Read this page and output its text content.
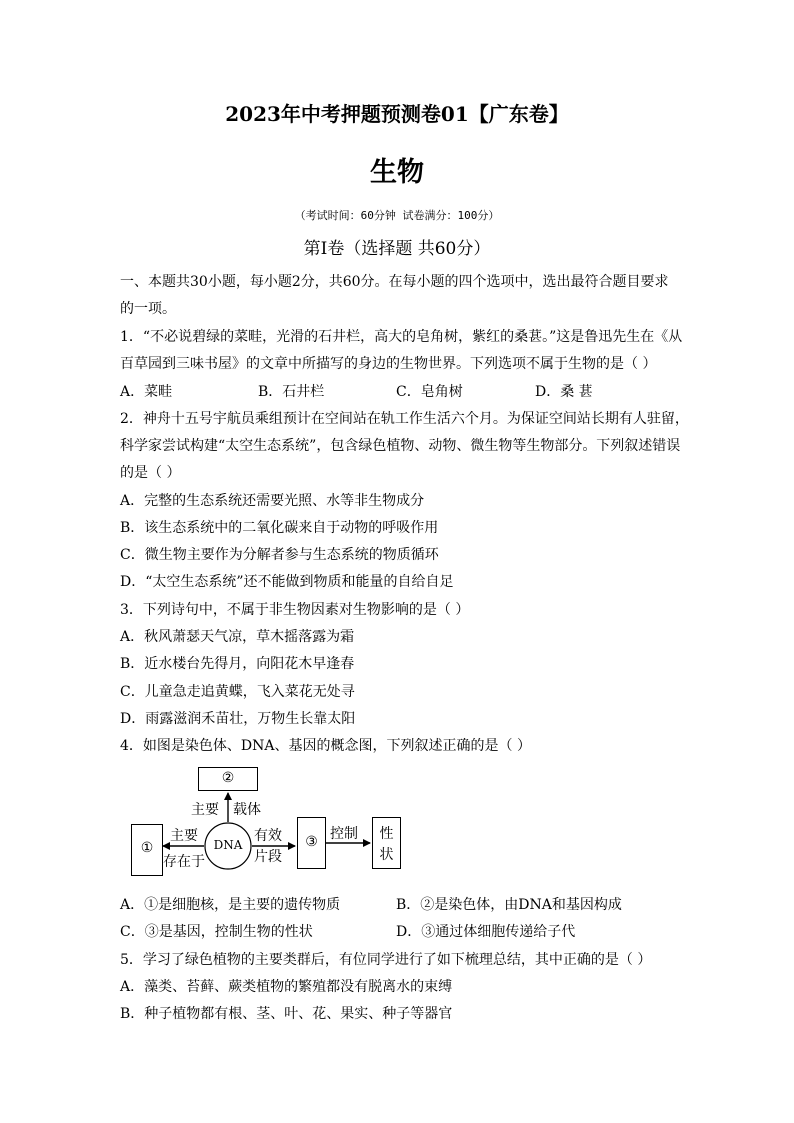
2023年中考押题预测卷01【广东卷】
生物
（考试时间：60分钟 试卷满分：100分）
第Ⅰ卷（选择题 共60分）
一、本题共30小题，每小题2分，共60分。在每小题的四个选项中，选出最符合题目要求
的一项。
1．“不必说碧绿的菜畦，光滑的石井栏，高大的皂角树，紫红的桑葚。”这是鲁迅先生在《从
百草园到三味书屋》的文章中所描写的身边的生物世界。下列选项不属于生物的是（ ）
A．菜畦	B．石井栏	C．皂角树	D．桑 葚
2．神舟十五号宇航员乘组预计在空间站在轨工作生活六个月。为保证空间站长期有人驻留，
科学家尝试构建“太空生态系统”，包含绿色植物、动物、微生物等生物部分。下列叙述错误
的是（ ）
A．完整的生态系统还需要光照、水等非生物成分
B．该生态系统中的二氧化碳来自于动物的呼吸作用
C．微生物主要作为分解者参与生态系统的物质循环
D．“太空生态系统”还不能做到物质和能量的自给自足
3．下列诗句中，不属于非生物因素对生物影响的是（ ）
A．秋风萧瑟天气凉，草木摇落露为霜
B．近水楼台先得月，向阳花木早逢春
C．儿童急走追黄蝶，飞入菜花无处寻
D．雨露滋润禾苗壮，万物生长靠太阳
4．如图是染色体、DNA、基因的概念图，下列叙述正确的是（ ）
②
①	③	性
状
DNA
主要 载体
主要
存在于
有效
片段
控制
A．①是细胞核，是主要的遗传物质	B．②是染色体，由DNA和基因构成
C．③是基因，控制生物的性状	D．③通过体细胞传递给子代
5．学习了绿色植物的主要类群后，有位同学进行了如下梳理总结，其中正确的是（ ）
A．藻类、苔藓、蕨类植物的繁殖都没有脱离水的束缚
B．种子植物都有根、茎、叶、花、果实、种子等器官
